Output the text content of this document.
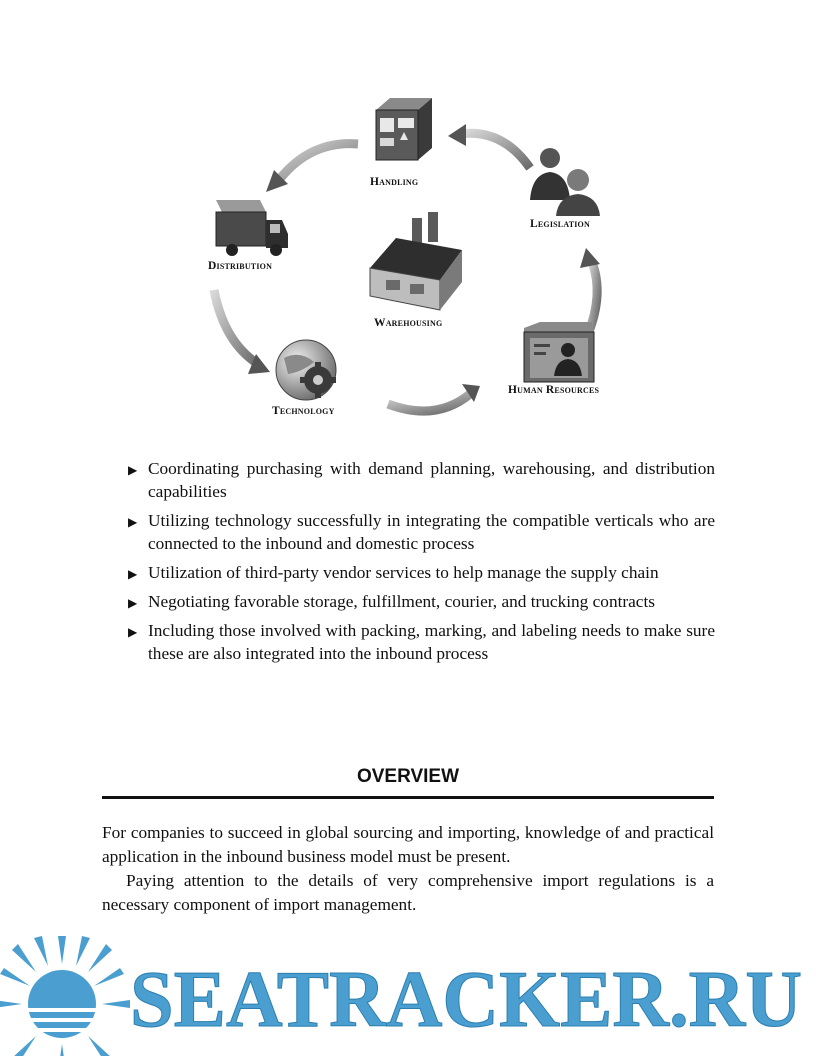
Handling
Legislation
Human Resources
Technology
Distribution
Warehousing
▶ Coordinating purchasing with demand planning, warehousing, and distribution capabilities
▶ Utilizing technology successfully in integrating the compatible verticals who are connected to the inbound and domestic process
▶ Utilization of third-party vendor services to help manage the supply chain
▶ Negotiating favorable storage, fulfillment, courier, and trucking contracts
▶ Including those involved with packing, marking, and labeling needs to make sure these are also integrated into the inbound process
OVERVIEW

For companies to succeed in global sourcing and importing, knowledge of and practical application in the inbound business model must be present.

Paying attention to the details of very comprehensive import regulations is a necessary component of import management.

SEATRACKER.RU
